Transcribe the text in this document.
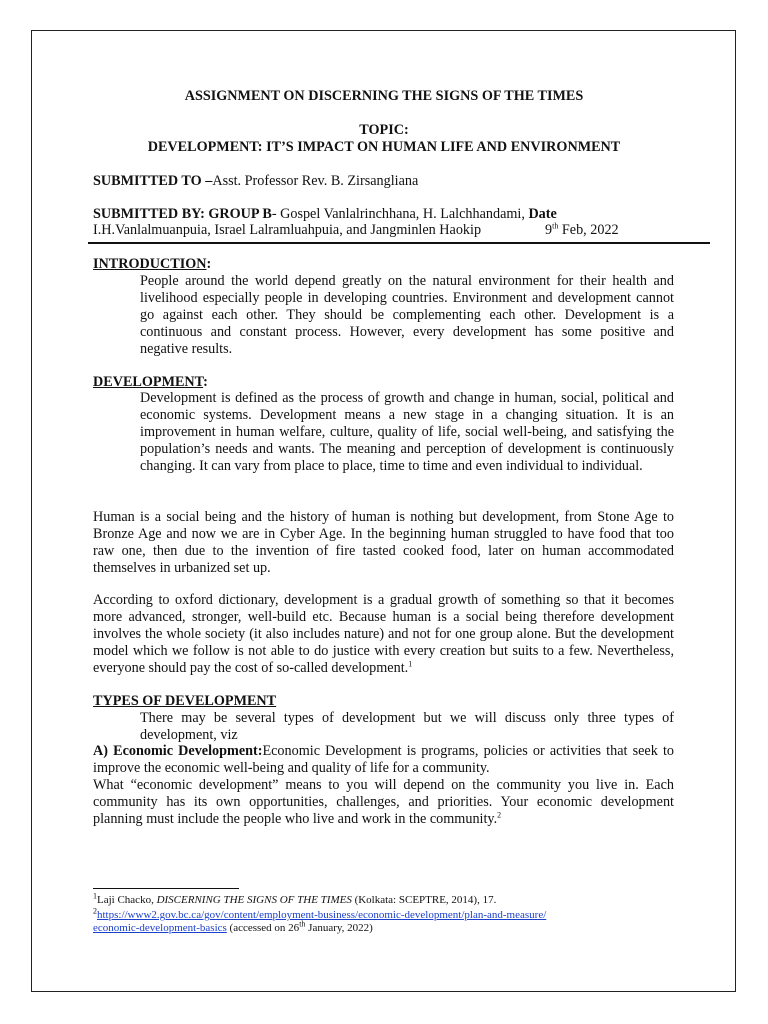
ASSIGNMENT ON DISCERNING THE SIGNS OF THE TIMES
TOPIC:
DEVELOPMENT: IT’S IMPACT ON HUMAN LIFE AND ENVIRONMENT
SUBMITTED TO –Asst. Professor Rev. B. Zirsangliana
SUBMITTED BY: GROUP B- Gospel Vanlalrinchhana, H. Lalchhandami, Date
I.H.Vanlalmuanpuia, Israel Lalramluahpuia, and Jangminlen Haokip	9th Feb, 2022
INTRODUCTION:
People around the world depend greatly on the natural environment for their health and livelihood especially people in developing countries. Environment and development cannot go against each other. They should be complementing each other. Development is a continuous and constant process. However, every development has some positive and negative results.
DEVELOPMENT:
Development is defined as the process of growth and change in human, social, political and economic systems. Development means a new stage in a changing situation. It is an improvement in human welfare, culture, quality of life, social well-being, and satisfying the population’s needs and wants. The meaning and perception of development is continuously changing. It can vary from place to place, time to time and even individual to individual.
Human is a social being and the history of human is nothing but development, from Stone Age to Bronze Age and now we are in Cyber Age. In the beginning human struggled to have food that too raw one, then due to the invention of fire tasted cooked food, later on human accommodated themselves in urbanized set up.
According to oxford dictionary, development is a gradual growth of something so that it becomes more advanced, stronger, well-build etc. Because human is a social being therefore development involves the whole society (it also includes nature) and not for one group alone. But the development model which we follow is not able to do justice with every creation but suits to a few. Nevertheless, everyone should pay the cost of so-called development.$^1$
TYPES OF DEVELOPMENT
There may be several types of development but we will discuss only three types of development, viz
A) Economic Development:Economic Development is programs, policies or activities that seek to improve the economic well-being and quality of life for a community.
What “economic development” means to you will depend on the community you live in. Each community has its own opportunities, challenges, and priorities. Your economic development planning must include the people who live and work in the community.$^2$
$^1$Laji Chacko, DISCERNING THE SIGNS OF THE TIMES (Kolkata: SCEPTRE, 2014), 17.
$^2$https://www2.gov.bc.ca/gov/content/employment-business/economic-development/plan-and-measure/
economic-development-basics (accessed on 26th January, 2022)
